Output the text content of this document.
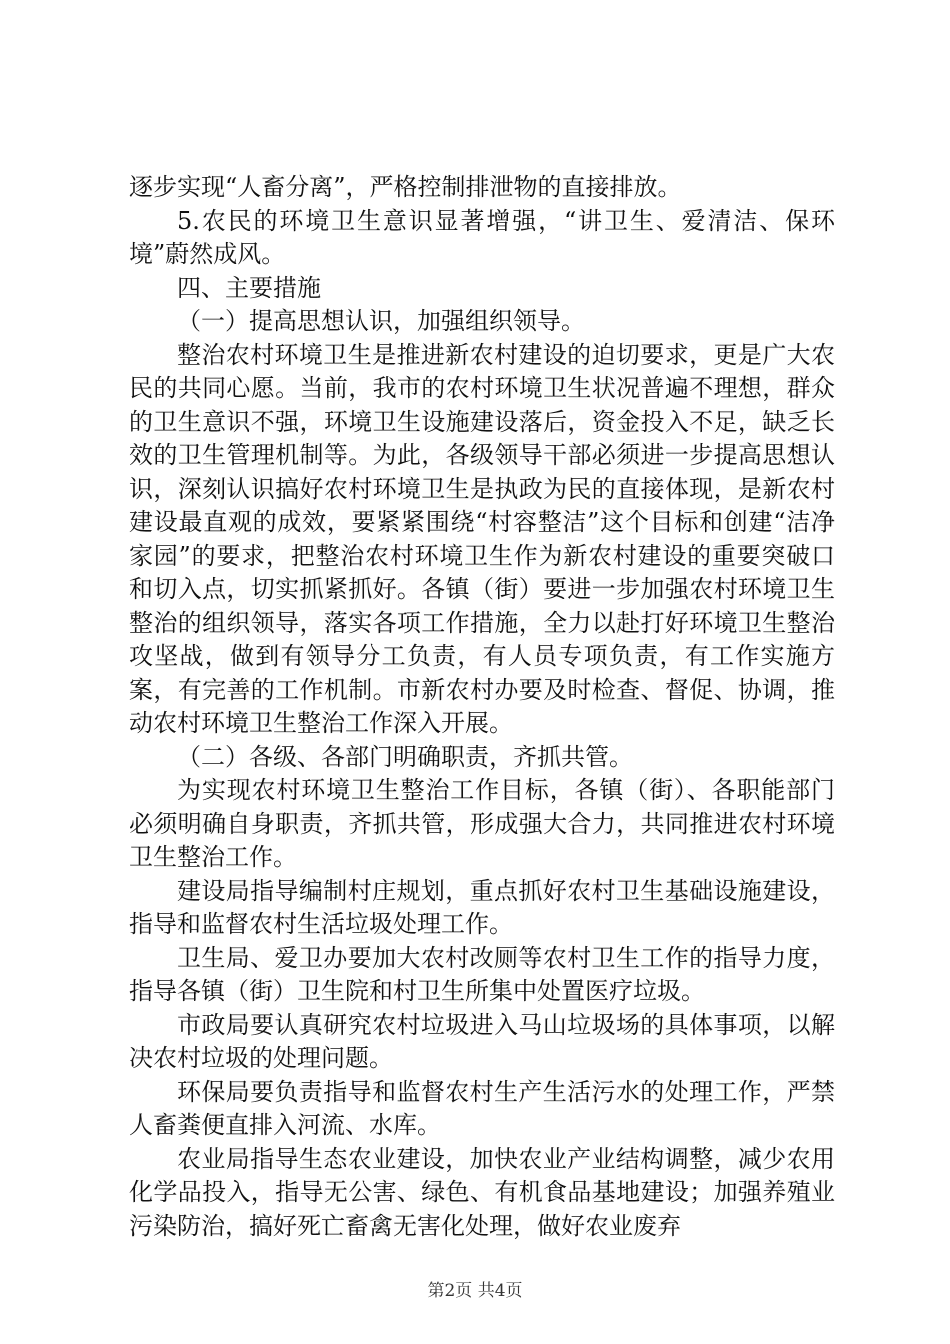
逐步实现“人畜分离”，严格控制排泄物的直接排放。

5.农民的环境卫生意识显著增强，“讲卫生、爱清洁、保环境”蔚然成风。

四、主要措施

（一）提高思想认识，加强组织领导。

整治农村环境卫生是推进新农村建设的迫切要求，更是广大农民的共同心愿。当前，我市的农村环境卫生状况普遍不理想，群众的卫生意识不强，环境卫生设施建设落后，资金投入不足，缺乏长效的卫生管理机制等。为此，各级领导干部必须进一步提高思想认识，深刻认识搞好农村环境卫生是执政为民的直接体现，是新农村建设最直观的成效，要紧紧围绕“村容整洁”这个目标和创建“洁净家园”的要求，把整治农村环境卫生作为新农村建设的重要突破口和切入点，切实抓紧抓好。各镇（街）要进一步加强农村环境卫生整治的组织领导，落实各项工作措施，全力以赴打好环境卫生整治攻坚战，做到有领导分工负责，有人员专项负责，有工作实施方案，有完善的工作机制。市新农村办要及时检查、督促、协调，推动农村环境卫生整治工作深入开展。

（二）各级、各部门明确职责，齐抓共管。

为实现农村环境卫生整治工作目标，各镇（街）、各职能部门必须明确自身职责，齐抓共管，形成强大合力，共同推进农村环境卫生整治工作。

建设局指导编制村庄规划，重点抓好农村卫生基础设施建设，指导和监督农村生活垃圾处理工作。

卫生局、爱卫办要加大农村改厕等农村卫生工作的指导力度，指导各镇（街）卫生院和村卫生所集中处置医疗垃圾。

市政局要认真研究农村垃圾进入马山垃圾场的具体事项，以解决农村垃圾的处理问题。

环保局要负责指导和监督农村生产生活污水的处理工作，严禁人畜粪便直排入河流、水库。

农业局指导生态农业建设，加快农业产业结构调整，减少农用化学品投入，指导无公害、绿色、有机食品基地建设；加强养殖业污染防治，搞好死亡畜禽无害化处理，做好农业废弃

第2页 共4页
